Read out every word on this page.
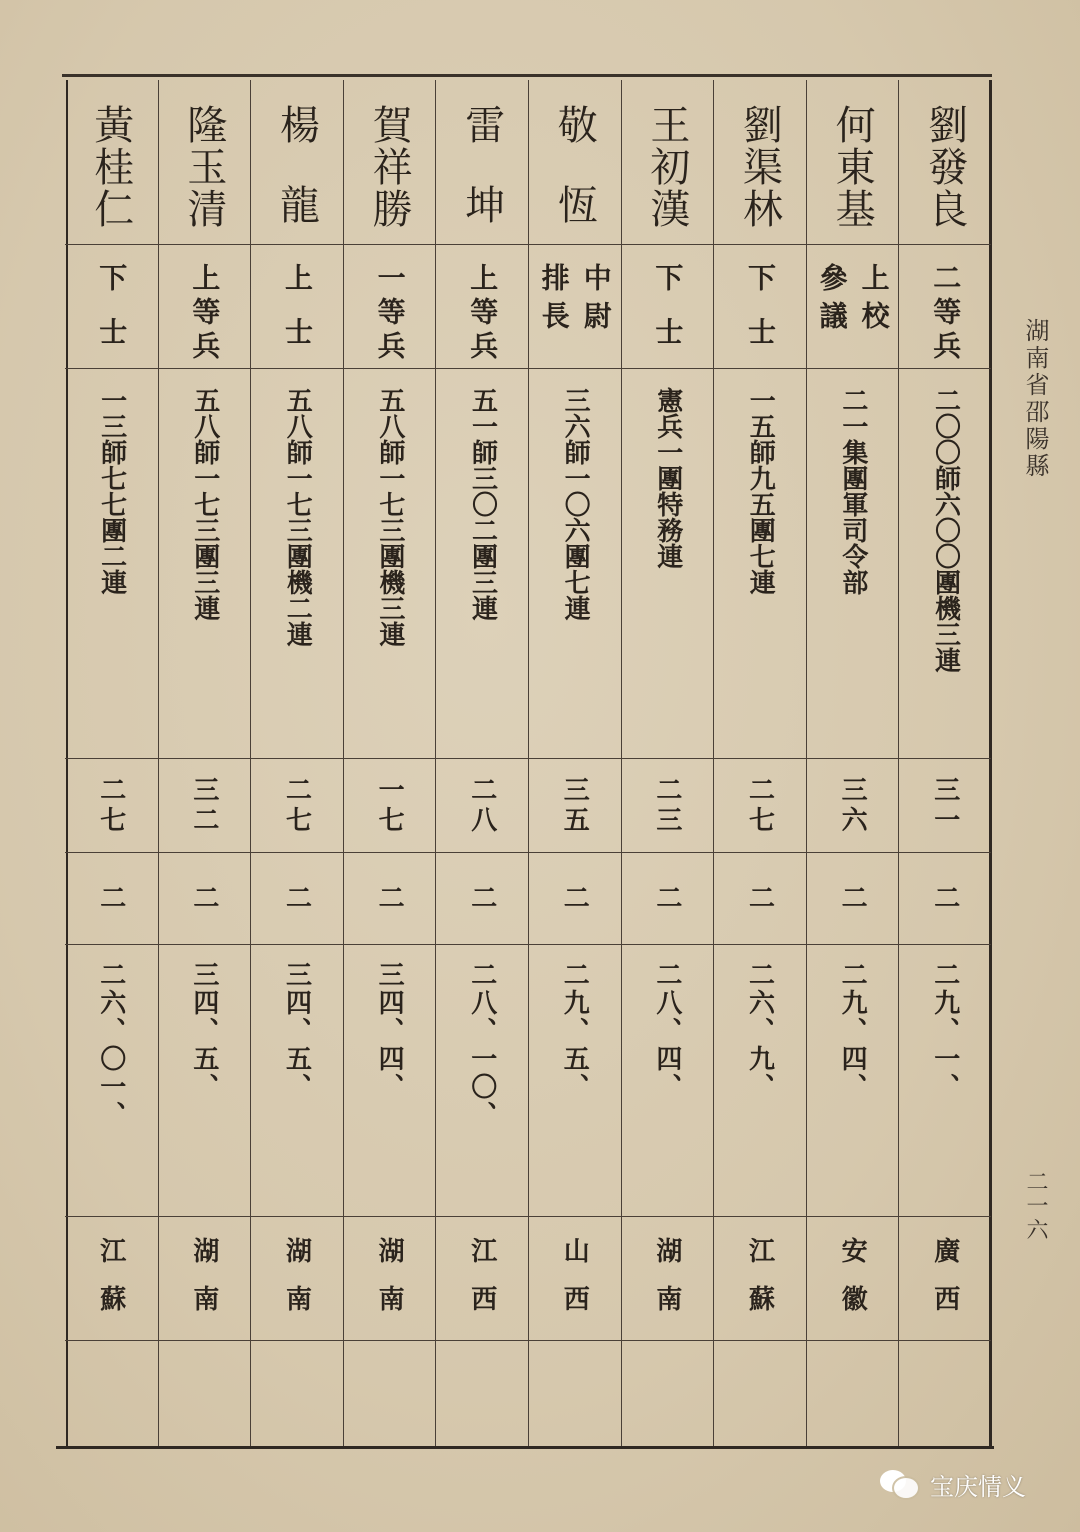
劉發良
二等兵
二〇〇師六〇〇團機三連
三一
二
二九、一、
廣西
何東基
上校
參議
二一集團軍司令部
三六
二
二九、四、
安徽
劉渠林
下士
一五師九五團七連
二七
二
二六、九、
江蘇
王初漢
下士
憲兵一團特務連
二三
二
二八、四、
湖南
敬恆
中尉
排長
三六師一〇六團七連
三五
二
二九、五、
山西
雷坤
上等兵
五一師三〇二團三連
二八
二
二八、一〇、
江西
賀祥勝
一等兵
五八師一七三團機三連
一七
二
三四、四、
湖南
楊龍
上士
五八師一七三團機二連
二七
二
三四、五、
湖南
隆玉清
上等兵
五八師一七三團三連
三二
二
三四、五、
湖南
黃桂仁
下士
一三師七七團二連
二七
二
二六、〇一、
江蘇
湖南省邵陽縣
二一六
宝庆情义
